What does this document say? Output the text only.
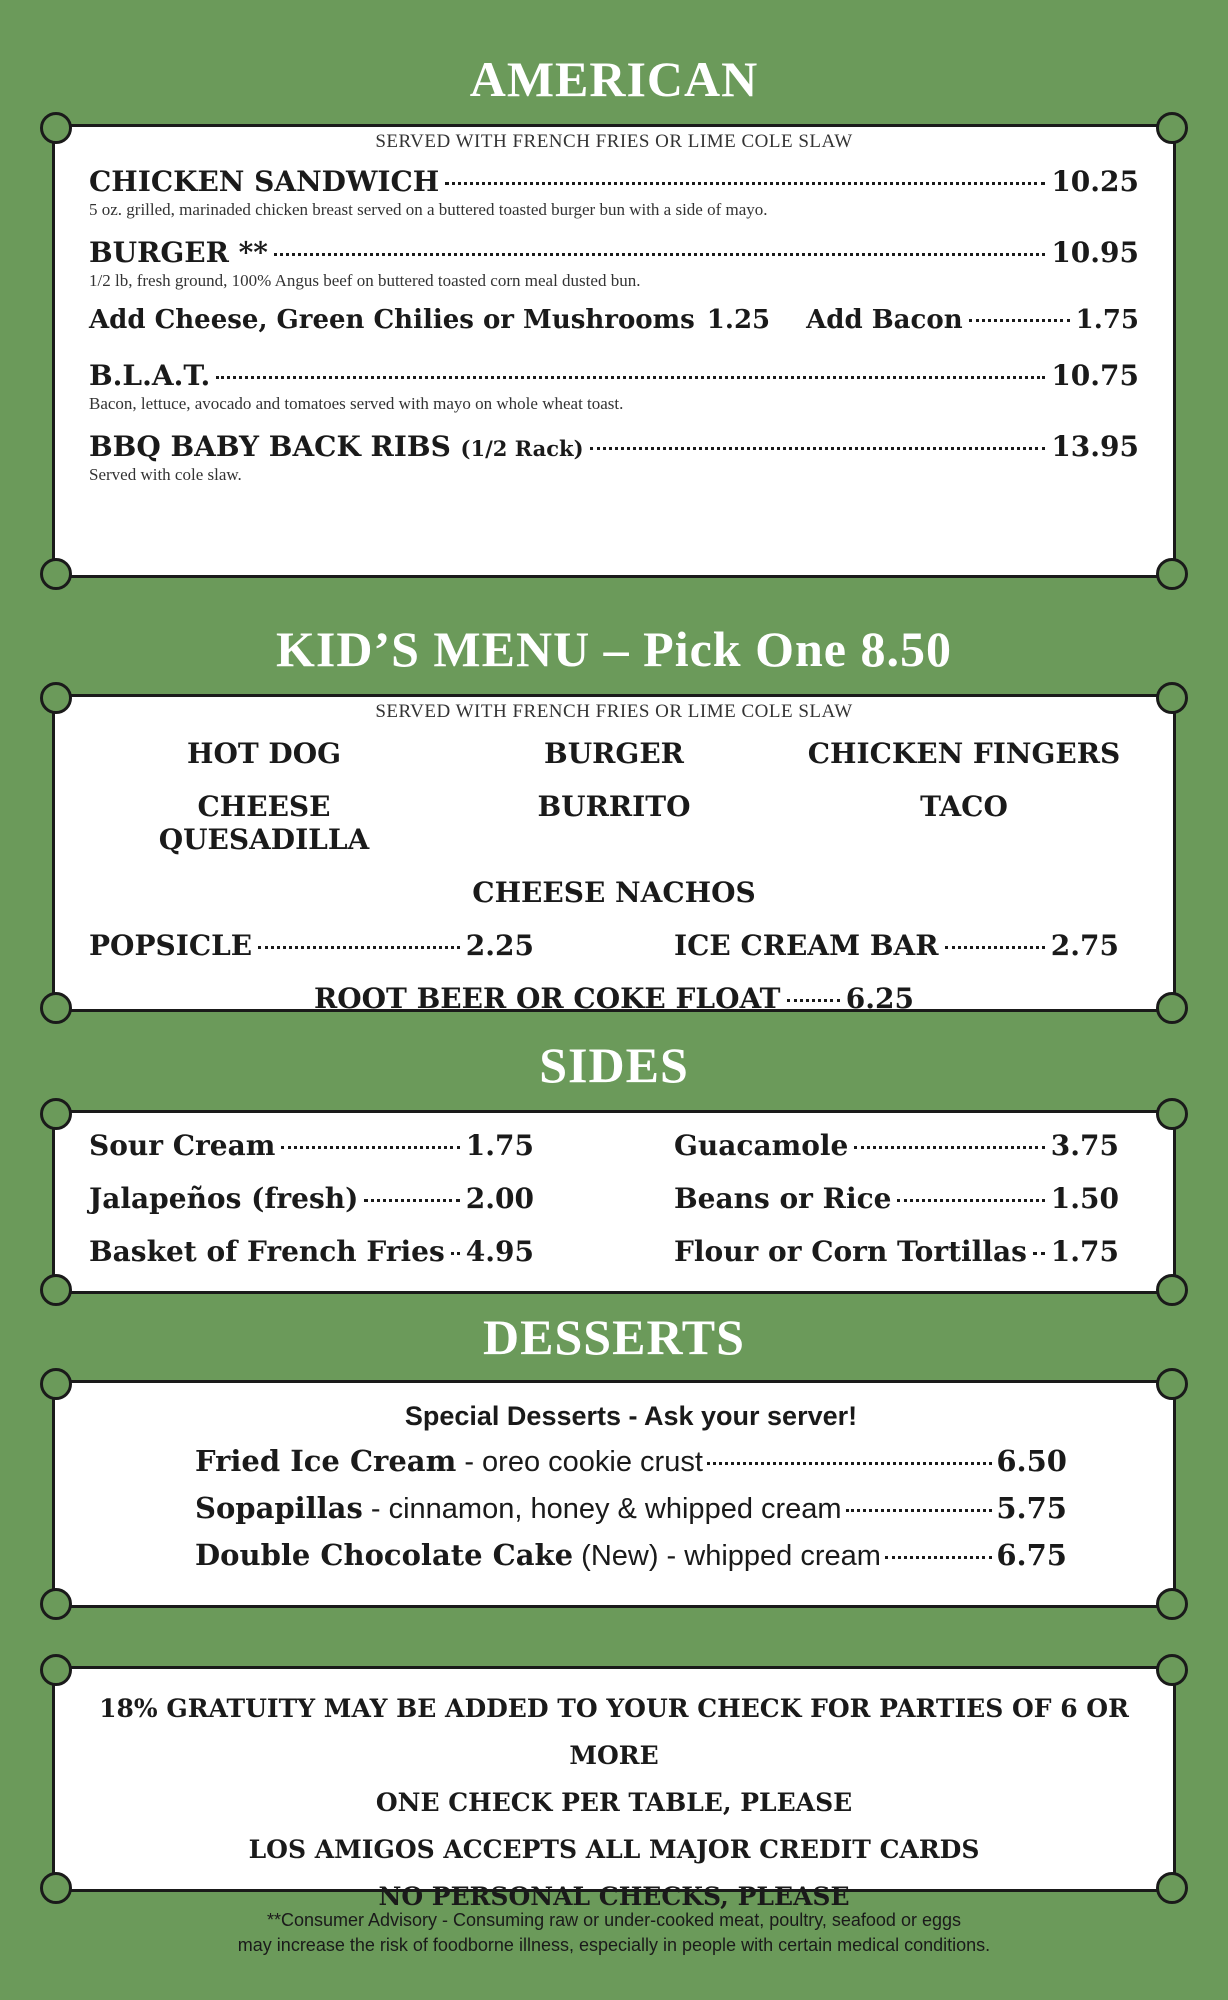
AMERICAN
SERVED WITH FRENCH FRIES OR LIME COLE SLAW
CHICKEN SANDWICH	10.25
5 oz. grilled, marinaded chicken breast served on a buttered toasted burger bun with a side of mayo.
BURGER **	10.95
1/2 lb, fresh ground, 100% Angus beef on buttered toasted corn meal dusted bun.
Add Cheese, Green Chilies or Mushrooms 1.25 Add Bacon	1.75
B.L.A.T.	10.75
Bacon, lettuce, avocado and tomatoes served with mayo on whole wheat toast.
BBQ BABY BACK RIBS (1/2 Rack)	13.95
Served with cole slaw.
KID’S MENU – Pick One 8.50
SERVED WITH FRENCH FRIES OR LIME COLE SLAW
HOT DOG	BURGER	CHICKEN FINGERS
CHEESE QUESADILLA
BURRITO	TACO
CHEESE NACHOS
POPSICLE	2.25	ICE CREAM BAR	2.75
ROOT BEER OR COKE FLOAT 6.25
SIDES
Sour Cream	1.75
Jalapeños (fresh)	2.00
Basket of French Fries 4.95
Guacamole	3.75
Beans or Rice	1.50
Flour or Corn Tortillas 1.75
DESSERTS
Special Desserts - Ask your server!
Fried Ice Cream - oreo cookie crust	6.50
Sopapillas - cinnamon, honey & whipped cream	5.75
Double Chocolate Cake
(New) - whipped cream	6.75
18% GRATUITY MAY BE ADDED TO YOUR CHECK FOR PARTIES OF 6 OR MORE
ONE CHECK PER TABLE, PLEASE
LOS AMIGOS ACCEPTS ALL MAJOR CREDIT CARDS
NO PERSONAL CHECKS, PLEASE
**Consumer Advisory - Consuming raw or under-cooked meat, poultry, seafood or eggs
may increase the risk of foodborne illness, especially in people with certain medical conditions.
